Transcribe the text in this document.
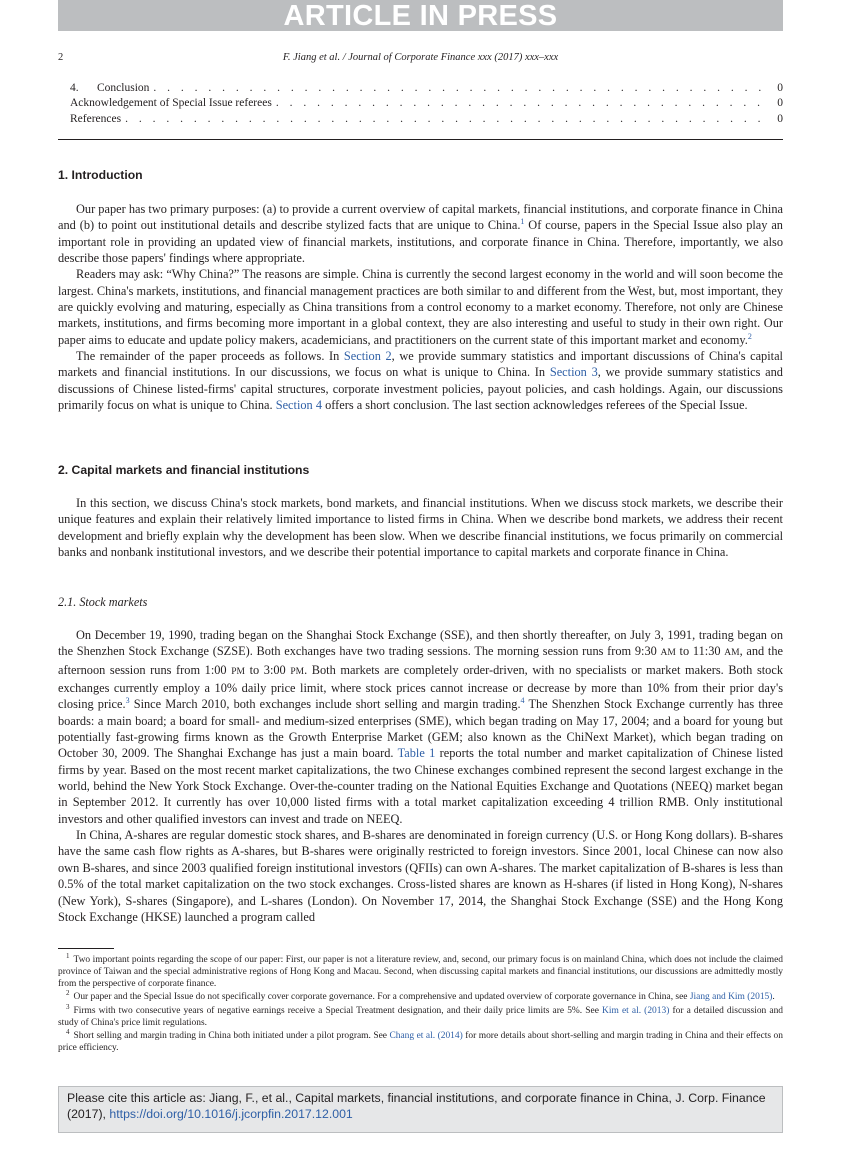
ARTICLE IN PRESS
2	F. Jiang et al. / Journal of Corporate Finance xxx (2017) xxx–xxx
4. Conclusion . . .	0
Acknowledgement of Special Issue referees . . .	0
References . . .	0
1. Introduction

Our paper has two primary purposes: (a) to provide a current overview of capital markets, financial institutions, and corporate finance in China and (b) to point out institutional details and describe stylized facts that are unique to China.$^1$ Of course, papers in the Special Issue also play an important role in providing an updated view of financial markets, institutions, and corporate finance in China. Therefore, importantly, we also describe those papers' findings where appropriate.

Readers may ask: “Why China?” The reasons are simple. China is currently the second largest economy in the world and will soon become the largest. China's markets, institutions, and financial management practices are both similar to and different from the West, but, most important, they are quickly evolving and maturing, especially as China transitions from a control economy to a market economy. Therefore, not only are Chinese markets, institutions, and firms becoming more important in a global context, they are also interesting and useful to study in their own right. Our paper aims to educate and update policy makers, academicians, and practitioners on the current state of this important market and economy.$^2$

The remainder of the paper proceeds as follows. In Section 2, we provide summary statistics and important discussions of China's capital markets and financial institutions. In our discussions, we focus on what is unique to China. In Section 3, we provide summary statistics and discussions of Chinese listed-firms' capital structures, corporate investment policies, payout policies, and cash holdings. Again, our discussions primarily focus on what is unique to China. Section 4 offers a short conclusion. The last section acknowledges referees of the Special Issue.

2. Capital markets and financial institutions

In this section, we discuss China's stock markets, bond markets, and financial institutions. When we discuss stock markets, we describe their unique features and explain their relatively limited importance to listed firms in China. When we describe bond markets, we address their recent development and briefly explain why the development has been slow. When we describe financial institutions, we focus primarily on commercial banks and nonbank institutional investors, and we describe their potential importance to capital markets and corporate finance in China.

2.1. Stock markets

On December 19, 1990, trading began on the Shanghai Stock Exchange (SSE), and then shortly thereafter, on July 3, 1991, trading began on the Shenzhen Stock Exchange (SZSE). Both exchanges have two trading sessions. The morning session runs from 9:30 AM to 11:30 AM, and the afternoon session runs from 1:00 PM to 3:00 PM. Both markets are completely order-driven, with no specialists or market makers. Both stock exchanges currently employ a 10% daily price limit, where stock prices cannot increase or decrease by more than 10% from their prior day's closing price.$^3$ Since March 2010, both exchanges include short selling and margin trading.$^4$ The Shenzhen Stock Exchange currently has three boards: a main board; a board for small- and medium-sized enterprises (SME), which began trading on May 17, 2004; and a board for young but potentially fast-growing firms known as the Growth Enterprise Market (GEM; also known as the ChiNext Market), which began trading on October 30, 2009. The Shanghai Exchange has just a main board. Table 1 reports the total number and market capitalization of Chinese listed firms by year. Based on the most recent market capitalizations, the two Chinese exchanges combined represent the second largest exchange in the world, behind the New York Stock Exchange. Over-the-counter trading on the National Equities Exchange and Quotations (NEEQ) market began in September 2012. It currently has over 10,000 listed firms with a total market capitalization exceeding 4 trillion RMB. Only institutional investors and other qualified investors can invest and trade on NEEQ.

In China, A-shares are regular domestic stock shares, and B-shares are denominated in foreign currency (U.S. or Hong Kong dollars). B-shares have the same cash flow rights as A-shares, but B-shares were originally restricted to foreign investors. Since 2001, local Chinese can now also own B-shares, and since 2003 qualified foreign institutional investors (QFIIs) can own A-shares. The market capitalization of B-shares is less than 0.5% of the total market capitalization on the two stock exchanges. Cross-listed shares are known as H-shares (if listed in Hong Kong), N-shares (New York), S-shares (Singapore), and L-shares (London). On November 17, 2014, the Shanghai Stock Exchange (SSE) and the Hong Kong Stock Exchange (HKSE) launched a program called

$^1$ Two important points regarding the scope of our paper: First, our paper is not a literature review, and, second, our primary focus is on mainland China, which does not include the claimed province of Taiwan and the special administrative regions of Hong Kong and Macau. Second, when discussing capital markets and financial institutions, our discussions are admittedly mostly from the perspective of corporate finance.

$^2$ Our paper and the Special Issue do not specifically cover corporate governance. For a comprehensive and updated overview of corporate governance in China, see Jiang and Kim (2015).

$^3$ Firms with two consecutive years of negative earnings receive a Special Treatment designation, and their daily price limits are 5%. See Kim et al. (2013) for a detailed discussion and study of China's price limit regulations.

$^4$ Short selling and margin trading in China both initiated under a pilot program. See Chang et al. (2014) for more details about short-selling and margin trading in China and their effects on price efficiency.

Please cite this article as: Jiang, F., et al., Capital markets, financial institutions, and corporate finance in China, J. Corp. Finance (2017), https://doi.org/10.1016/j.jcorpfin.2017.12.001
